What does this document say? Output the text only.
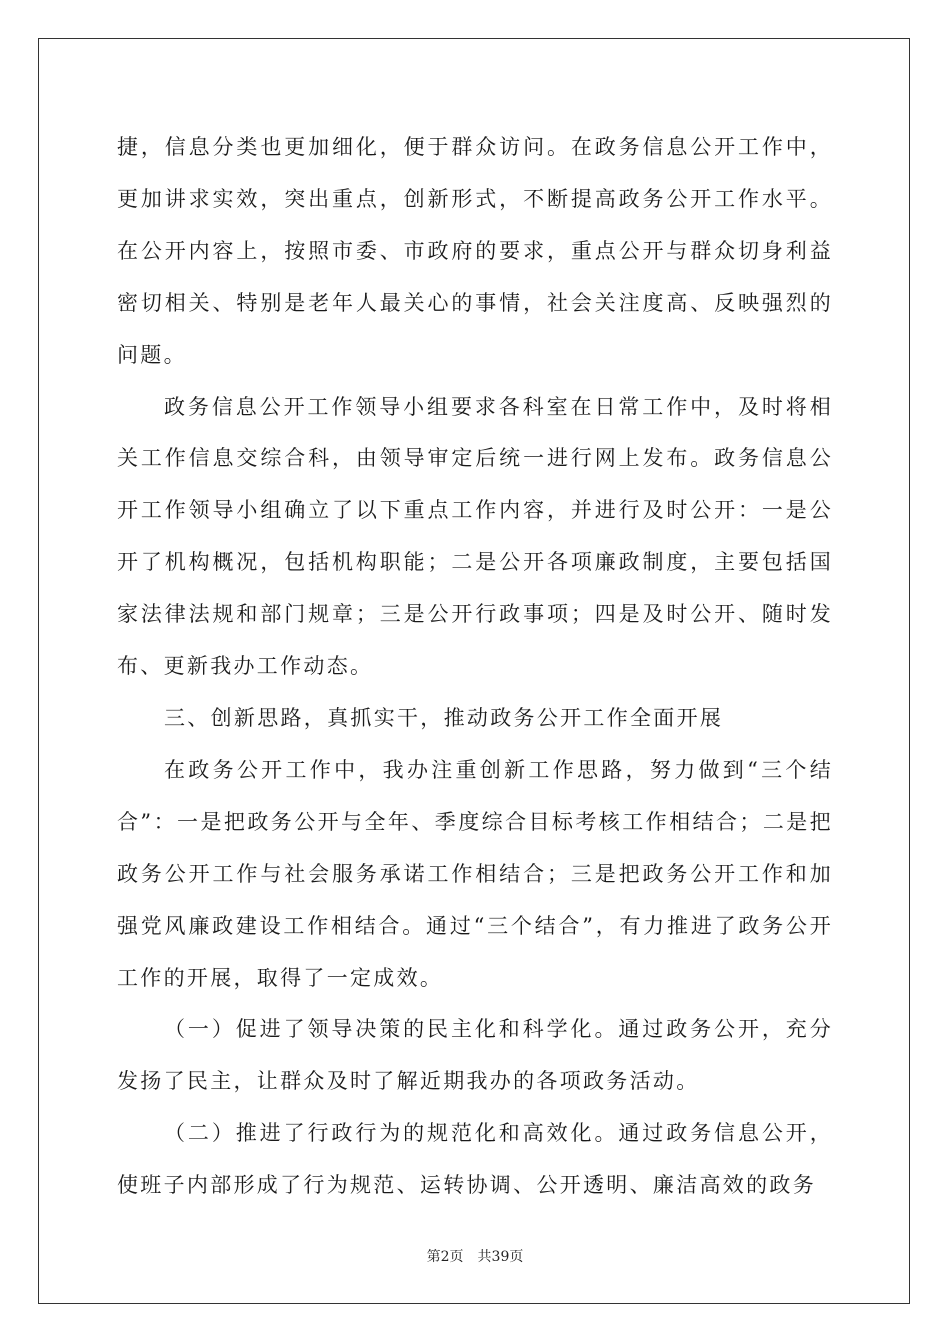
捷，信息分类也更加细化，便于群众访问。在政务信息公开工作中，更加讲求实效，突出重点，创新形式，不断提高政务公开工作水平。在公开内容上，按照市委、市政府的要求，重点公开与群众切身利益密切相关、特别是老年人最关心的事情，社会关注度高、反映强烈的问题。

政务信息公开工作领导小组要求各科室在日常工作中，及时将相关工作信息交综合科，由领导审定后统一进行网上发布。政务信息公开工作领导小组确立了以下重点工作内容，并进行及时公开：一是公开了机构概况，包括机构职能；二是公开各项廉政制度，主要包括国家法律法规和部门规章；三是公开行政事项；四是及时公开、随时发布、更新我办工作动态。

三、创新思路，真抓实干，推动政务公开工作全面开展

在政务公开工作中，我办注重创新工作思路，努力做到“三个结合”：一是把政务公开与全年、季度综合目标考核工作相结合；二是把政务公开工作与社会服务承诺工作相结合；三是把政务公开工作和加强党风廉政建设工作相结合。通过“三个结合”，有力推进了政务公开工作的开展，取得了一定成效。

（一）促进了领导决策的民主化和科学化。通过政务公开，充分发扬了民主，让群众及时了解近期我办的各项政务活动。

（二）推进了行政行为的规范化和高效化。通过政务信息公开，使班子内部形成了行为规范、运转协调、公开透明、廉洁高效的政务

第2页 共39页
